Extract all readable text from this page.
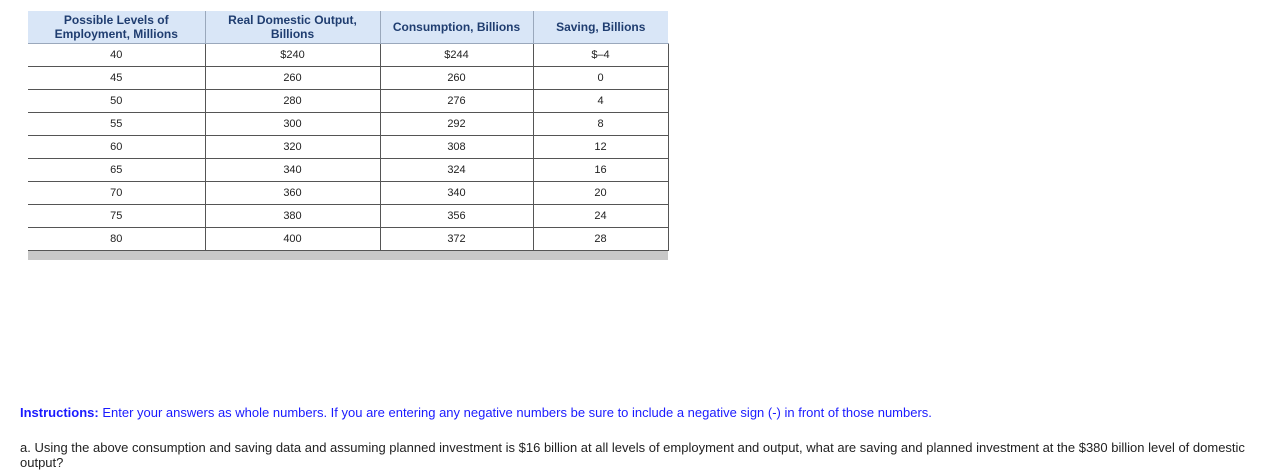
Possible Levels of Employment, Millions	Real Domestic Output, Billions	Consumption, Billions	Saving, Billions
40	$240	$244	$–4
45	260	260	0
50	280	276	4
55	300	292	8
60	320	308	12
65	340	324	16
70	360	340	20
75	380	356	24
80	400	372	28
Instructions: Enter your answers as whole numbers. If you are entering any negative numbers be sure to include a negative sign (-) in front of those numbers.
a. Using the above consumption and saving data and assuming planned investment is $16 billion at all levels of employment and output, what are saving and planned investment at the $380 billion level of domestic output?
